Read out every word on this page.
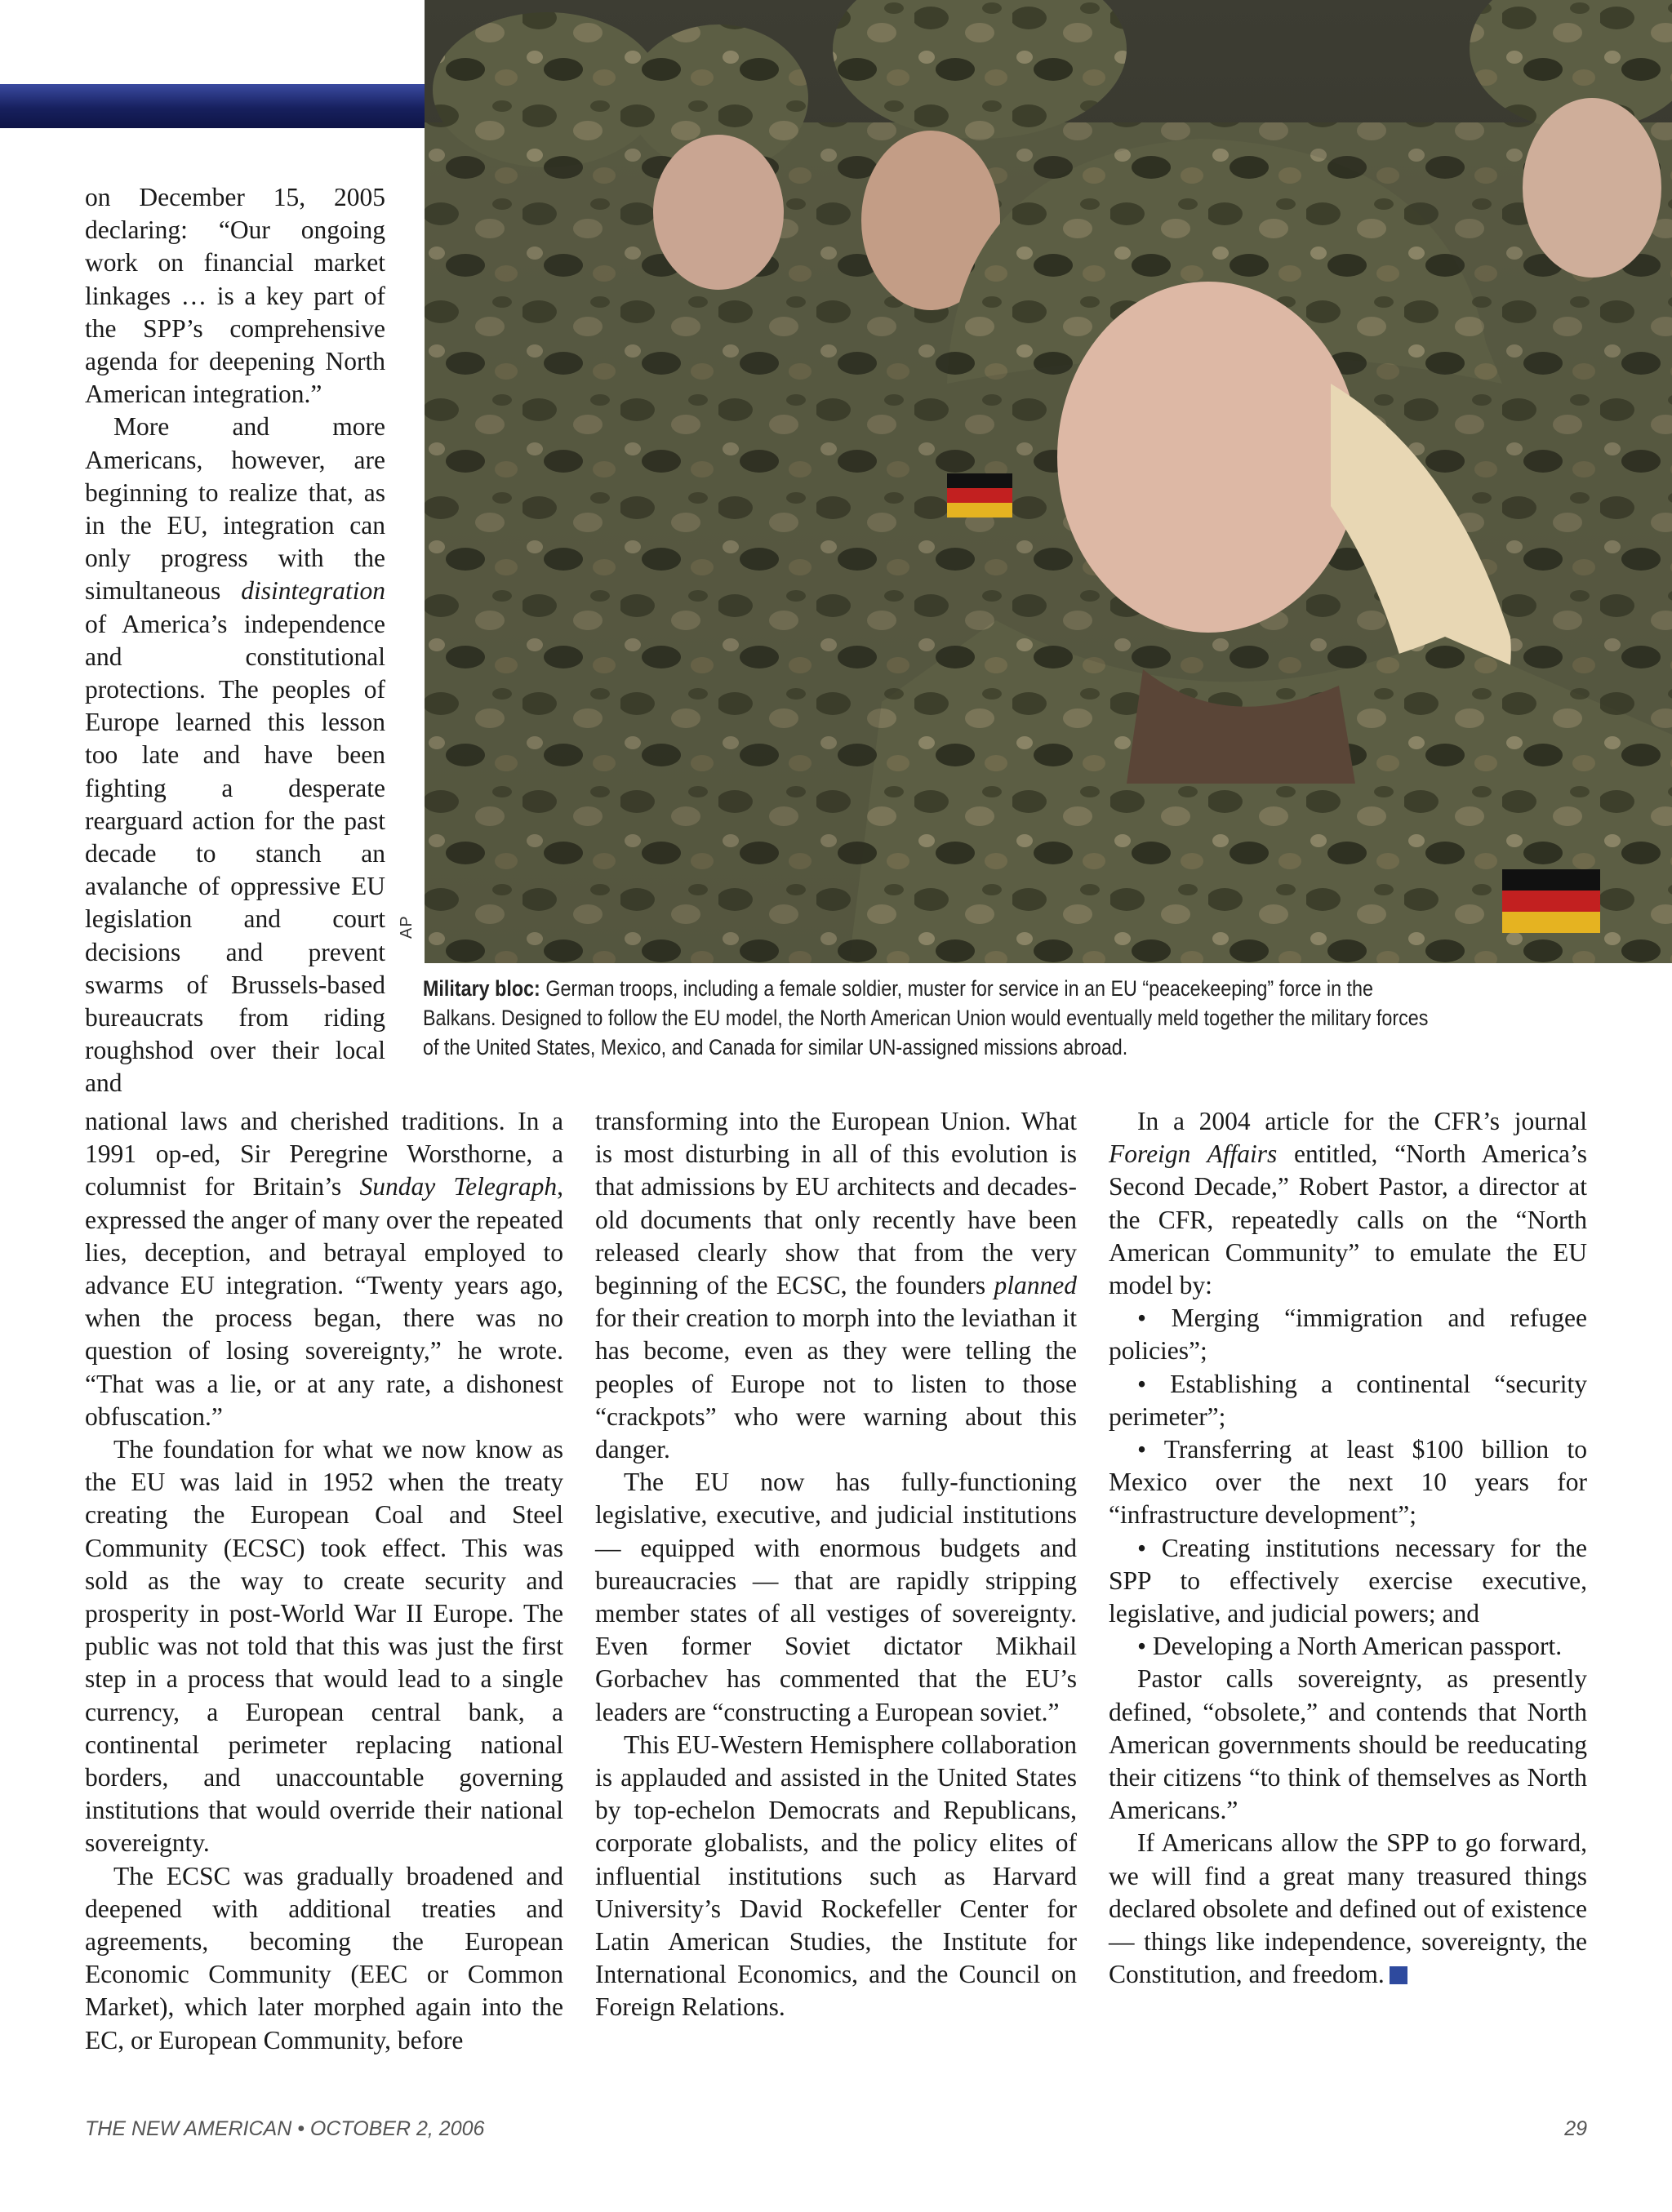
AP
Military bloc: German troops, including a female soldier, muster for service in an EU “peacekeeping” force in the Balkans. Designed to follow the EU model, the North American Union would eventually meld together the military forces of the United States, Mexico, and Canada for similar UN-assigned missions abroad.

on December 15, 2005 declaring: “Our ongoing work on financial market linkages … is a key part of the SPP’s comprehensive agenda for deepening North American integration.”

More and more Americans, however, are beginning to realize that, as in the EU, integration can only progress with the simultaneous disintegration of America’s independence and constitutional protections. The peoples of Europe learned this lesson too late and have been fighting a desperate rearguard action for the past decade to stanch an avalanche of oppressive EU legislation and court decisions and prevent swarms of Brussels-based bureaucrats from riding roughshod over their local and

national laws and cherished traditions. In a 1991 op-ed, Sir Peregrine Worsthorne, a columnist for Britain’s Sunday Telegraph, expressed the anger of many over the repeated lies, deception, and betrayal employed to advance EU integration. “Twenty years ago, when the process began, there was no question of losing sovereignty,” he wrote. “That was a lie, or at any rate, a dishonest obfuscation.”

The foundation for what we now know as the EU was laid in 1952 when the treaty creating the European Coal and Steel Community (ECSC) took effect. This was sold as the way to create security and prosperity in post-World War II Europe. The public was not told that this was just the first step in a process that would lead to a single currency, a European central bank, a continental perimeter replacing national borders, and unaccountable governing institutions that would override their national sovereignty.

The ECSC was gradually broadened and deepened with additional treaties and agreements, becoming the European Economic Community (EEC or Common Market), which later morphed again into the EC, or European Community, before

transforming into the European Union. What is most disturbing in all of this evolution is that admissions by EU architects and decades-old documents that only recently have been released clearly show that from the very beginning of the ECSC, the founders planned for their creation to morph into the leviathan it has become, even as they were telling the peoples of Europe not to listen to those “crackpots” who were warning about this danger.

The EU now has fully-functioning legislative, executive, and judicial institutions — equipped with enormous budgets and bureaucracies — that are rapidly stripping member states of all vestiges of sovereignty. Even former Soviet dictator Mikhail Gorbachev has commented that the EU’s leaders are “constructing a European soviet.”

This EU-Western Hemisphere collaboration is applauded and assisted in the United States by top-echelon Democrats and Republicans, corporate globalists, and the policy elites of influential institutions such as Harvard University’s David Rockefeller Center for Latin American Studies, the Institute for International Economics, and the Council on Foreign Relations.

In a 2004 article for the CFR’s journal Foreign Affairs entitled, “North America’s Second Decade,” Robert Pastor, a director at the CFR, repeatedly calls on the “North American Community” to emulate the EU model by:

• Merging “immigration and refugee policies”;

• Establishing a continental “security perimeter”;

• Transferring at least $100 billion to Mexico over the next 10 years for “infrastructure development”;

• Creating institutions necessary for the SPP to effectively exercise executive, legislative, and judicial powers; and

• Developing a North American passport.

Pastor calls sovereignty, as presently defined, “obsolete,” and contends that North American governments should be reeducating their citizens “to think of themselves as North Americans.”

If Americans allow the SPP to go forward, we will find a great many treasured things declared obsolete and defined out of existence — things like independence, sovereignty, the Constitution, and freedom.

THE NEW AMERICAN • OCTOBER 2, 2006	29
